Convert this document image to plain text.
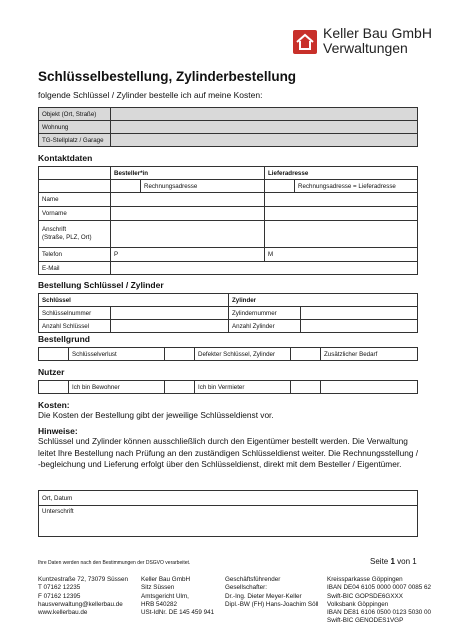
Keller Bau GmbH
Verwaltungen
Schlüsselbestellung, Zylinderbestellung
folgende Schlüssel / Zylinder bestelle ich auf meine Kosten:
Objekt (Ort, Straße)	
Wohnung	
TG-Stellplatz / Garage	
Kontaktdaten
	Besteller*in		Lieferadresse	
		Rechnungsadresse		Rechnungsadresse = Lieferadresse
Name				
Vorname				
Anschrift
(Straße, PLZ, Ort)				
Telefon	P		M	
E-Mail				
Bestellung Schlüssel / Zylinder
Schlüssel		Zylinder	
Schlüsselnummer		Zylindernummer	
Anzahl Schlüssel		Anzahl Zylinder	
Bestellgrund
	Schlüsselverlust		Defekter Schlüssel, Zylinder		Zusätzlicher Bedarf
Nutzer
	Ich bin Bewohner		Ich bin Vermieter		
Kosten:
Die Kosten der Bestellung gibt der jeweilige Schlüsseldienst vor.
Hinweise:
Schlüssel und Zylinder können ausschließlich durch den Eigentümer bestellt werden. Die Verwaltung leitet Ihre Bestellung nach Prüfung an den zuständigen Schlüsseldienst weiter. Die Rechnungsstellung / -begleichung und Lieferung erfolgt über den Schlüsseldienst, direkt mit dem Besteller / Eigentümer.
Ort, Datum
Unterschrift
Ihre Daten werden nach den Bestimmungen der DSGVO verarbeitet.	Seite 1 von 1
Kuntzestraße 72, 73079 Süssen
T 07162 12235
F 07162 12395
hausverwaltung@kellerbau.de
www.kellerbau.de
Keller Bau GmbH
Sitz Süssen
Amtsgericht Ulm,
HRB 540282
USt-IdNr. DE 145 459 941
Geschäftsführender
Gesellschafter:
Dr.-Ing. Dieter Meyer-Keller
Dipl.-BW (FH) Hans-Joachim Söll
Kreissparkasse Göppingen
IBAN DE04 6105 0000 0007 0085 62
Swift-BIC GOPSDE6GXXX
Volksbank Göppingen
IBAN DE81 6106 0500 0123 5030 00
Swift-BIC GENODES1VGP
